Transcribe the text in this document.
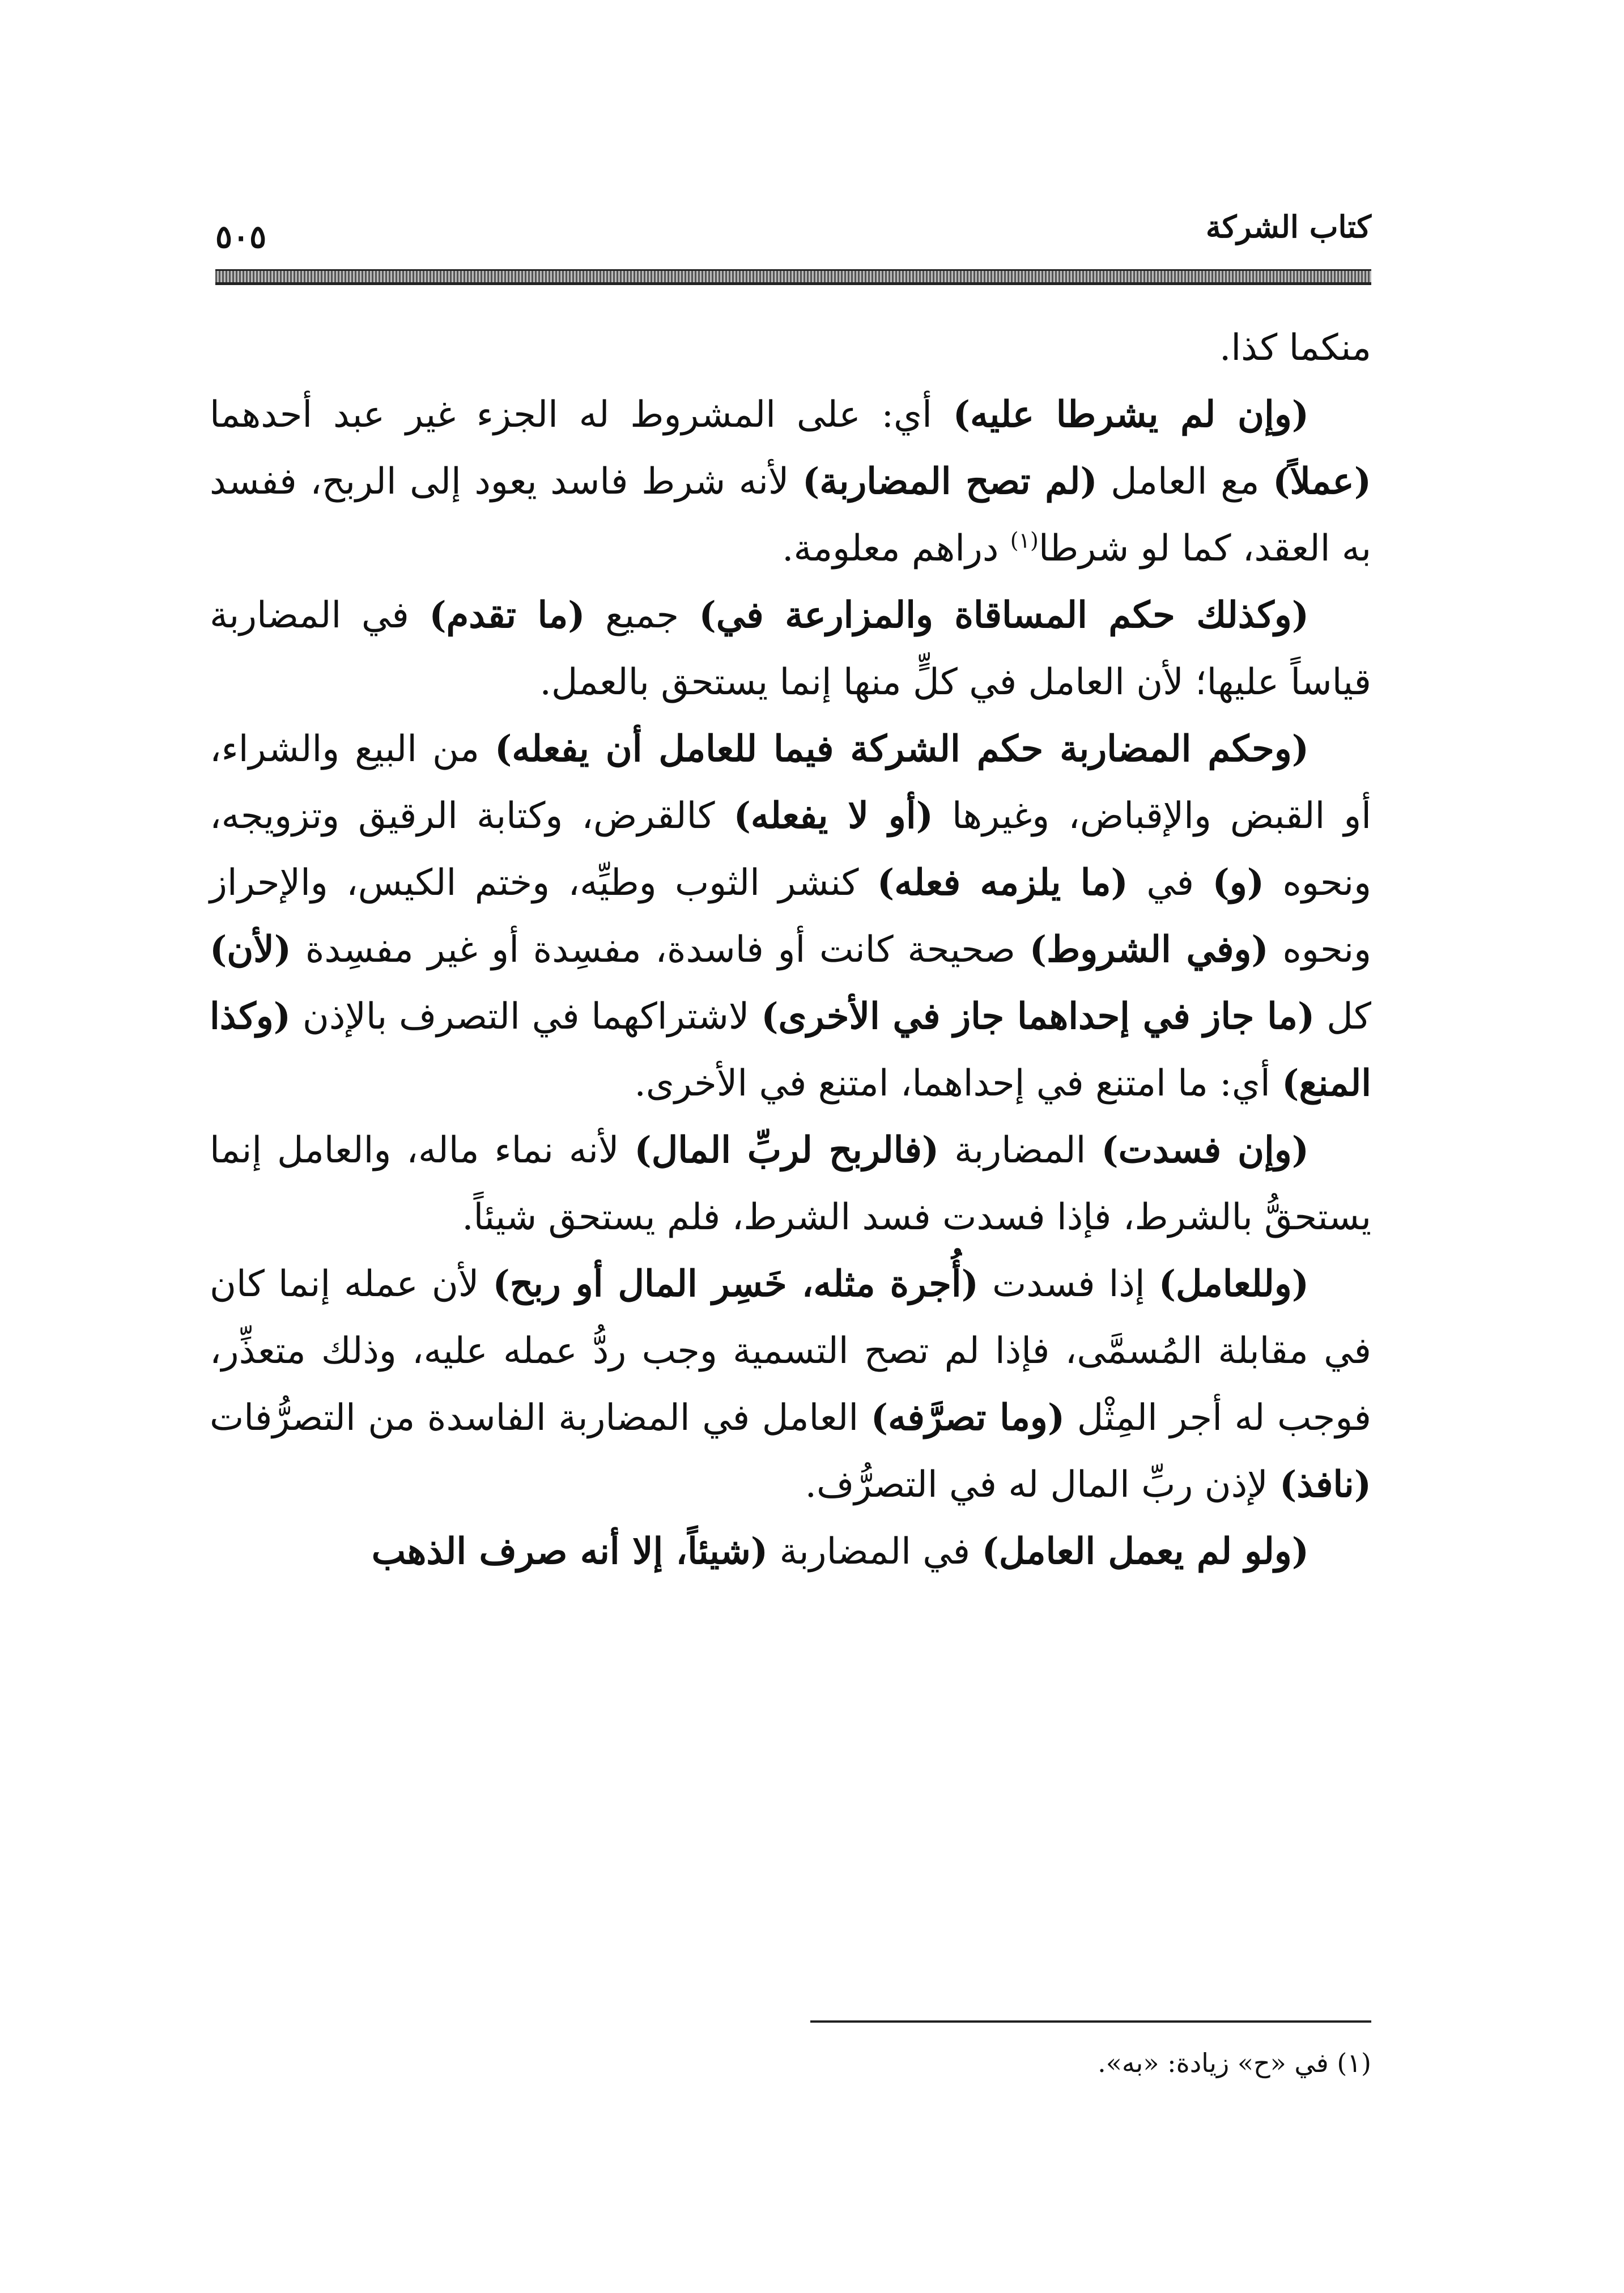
كتاب الشركة
٥٠٥

منكما كذا.

(وإن لم يشرطا عليه) أي: على المشروط له الجزء غير عبد أحدهما (عملاً) مع العامل (لم تصح المضاربة) لأنه شرط فاسد يعود إلى الربح، ففسد به العقد، كما لو شرطا$^{(١)}$ دراهم معلومة.

(وكذلك حكم المساقاة والمزارعة في) جميع (ما تقدم) في المضاربة قياساً عليها؛ لأن العامل في كلٍّ منها إنما يستحق بالعمل.

(وحكم المضاربة حكم الشركة فيما للعامل أن يفعله) من البيع والشراء، أو القبض والإقباض، وغيرها (أو لا يفعله) كالقرض، وكتابة الرقيق وتزويجه، ونحوه (و) في (ما يلزمه فعله) كنشر الثوب وطيِّه، وختم الكيس، والإحراز ونحوه (وفي الشروط) صحيحة كانت أو فاسدة، مفسِدة أو غير مفسِدة (لأن) كل (ما جاز في إحداهما جاز في الأخرى) لاشتراكهما في التصرف بالإذن (وكذا المنع) أي: ما امتنع في إحداهما، امتنع في الأخرى.

(وإن فسدت) المضاربة (فالربح لربِّ المال) لأنه نماء ماله، والعامل إنما يستحقُّ بالشرط، فإذا فسدت فسد الشرط، فلم يستحق شيئاً.

(وللعامل) إذا فسدت (أُجرة مثله، خَسِر المال أو ربح) لأن عمله إنما كان في مقابلة المُسمَّى، فإذا لم تصح التسمية وجب ردُّ عمله عليه، وذلك متعذِّر، فوجب له أجر المِثْل (وما تصرَّفه) العامل في المضاربة الفاسدة من التصرُّفات (نافذ) لإذن ربِّ المال له في التصرُّف.

(ولو لم يعمل العامل) في المضاربة (شيئاً، إلا أنه صرف الذهب

(١) في «ح» زيادة: «به».
